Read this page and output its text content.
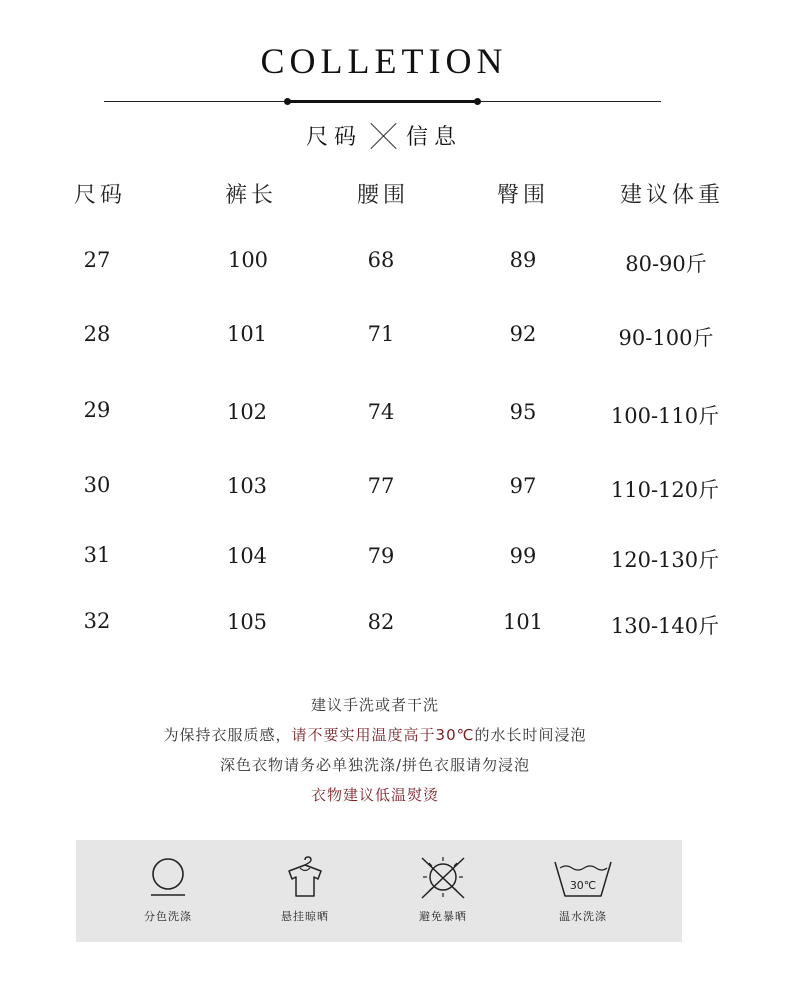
COLLETION
尺码 信息
尺码	裤长	腰围	臀围	建议体重
27	100	68	89	80-90斤
28	101	71	92	90-100斤
29	102	74	95	100-110斤
30	103	77	97	110-120斤
31	104	79	99	120-130斤
32	105	82	101	130-140斤
建议手洗或者干洗
为保持衣服质感，请不要实用温度高于30℃的水长时间浸泡
深色衣物请务必单独洗涤/拼色衣服请勿浸泡
衣物建议低温熨烫
分色洗涤	悬挂晾晒	避免暴晒
30℃
温水洗涤
